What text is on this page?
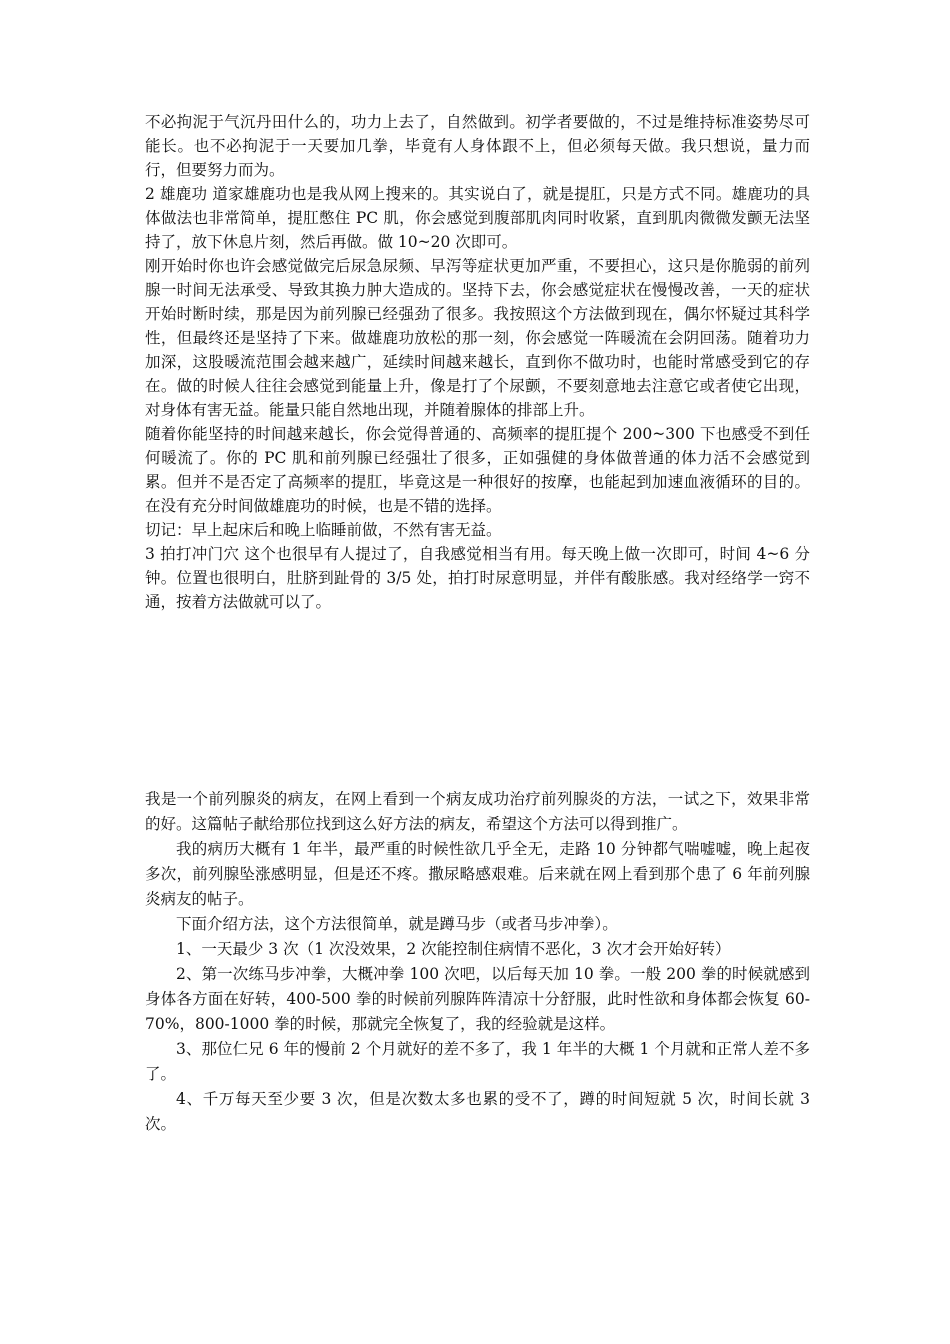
不必拘泥于气沉丹田什么的，功力上去了，自然做到。初学者要做的，不过是维持标准姿势尽可能长。也不必拘泥于一天要加几拳，毕竟有人身体跟不上，但必须每天做。我只想说，量力而行，但要努力而为。

2 雄鹿功 道家雄鹿功也是我从网上搜来的。其实说白了，就是提肛，只是方式不同。雄鹿功的具体做法也非常简单，提肛憋住 PC 肌，你会感觉到腹部肌肉同时收紧，直到肌肉微微发颤无法坚持了，放下休息片刻，然后再做。做 10~20 次即可。

刚开始时你也许会感觉做完后尿急尿频、早泻等症状更加严重，不要担心，这只是你脆弱的前列腺一时间无法承受、导致其换力肿大造成的。坚持下去，你会感觉症状在慢慢改善，一天的症状开始时断时续，那是因为前列腺已经强劲了很多。我按照这个方法做到现在，偶尔怀疑过其科学性，但最终还是坚持了下来。做雄鹿功放松的那一刻，你会感觉一阵暖流在会阴回荡。随着功力加深，这股暖流范围会越来越广，延续时间越来越长，直到你不做功时，也能时常感受到它的存在。做的时候人往往会感觉到能量上升，像是打了个尿颤，不要刻意地去注意它或者使它出现，对身体有害无益。能量只能自然地出现，并随着腺体的排部上升。

随着你能坚持的时间越来越长，你会觉得普通的、高频率的提肛提个 200~300 下也感受不到任何暖流了。你的 PC 肌和前列腺已经强壮了很多，正如强健的身体做普通的体力活不会感觉到累。但并不是否定了高频率的提肛，毕竟这是一种很好的按摩，也能起到加速血液循环的目的。在没有充分时间做雄鹿功的时候，也是不错的选择。

切记：早上起床后和晚上临睡前做，不然有害无益。

3 拍打冲门穴 这个也很早有人提过了，自我感觉相当有用。每天晚上做一次即可，时间 4~6 分钟。位置也很明白，肚脐到趾骨的 3/5 处，拍打时尿意明显，并伴有酸胀感。我对经络学一窍不通，按着方法做就可以了。

我是一个前列腺炎的病友，在网上看到一个病友成功治疗前列腺炎的方法，一试之下，效果非常的好。这篇帖子献给那位找到这么好方法的病友，希望这个方法可以得到推广。

我的病历大概有 1 年半，最严重的时候性欲几乎全无，走路 10 分钟都气喘嘘嘘，晚上起夜多次，前列腺坠涨感明显，但是还不疼。撒尿略感艰难。后来就在网上看到那个患了 6 年前列腺炎病友的帖子。

下面介绍方法，这个方法很简单，就是蹲马步（或者马步冲拳）。

1、一天最少 3 次（1 次没效果，2 次能控制住病情不恶化，3 次才会开始好转）

2、第一次练马步冲拳，大概冲拳 100 次吧，以后每天加 10 拳。一般 200 拳的时候就感到身体各方面在好转，400-500 拳的时候前列腺阵阵清凉十分舒服，此时性欲和身体都会恢复 60-70%，800-1000 拳的时候，那就完全恢复了，我的经验就是这样。

3、那位仁兄 6 年的慢前 2 个月就好的差不多了，我 1 年半的大概 1 个月就和正常人差不多了。

4、千万每天至少要 3 次，但是次数太多也累的受不了，蹲的时间短就 5 次，时间长就 3 次。
